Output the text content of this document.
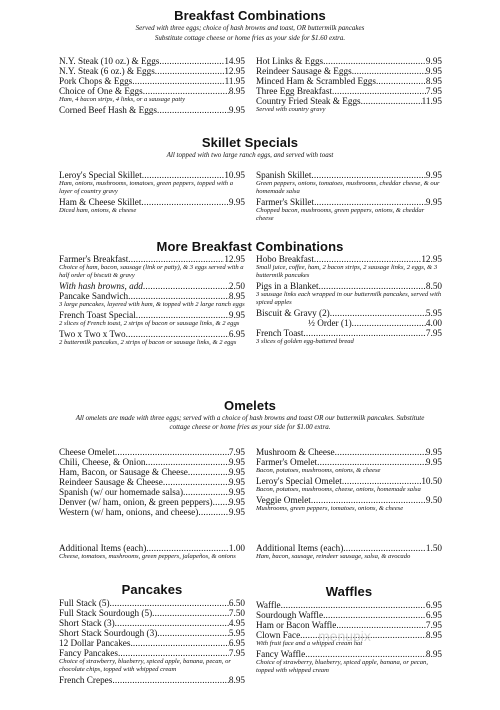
Breakfast Combinations
Served with three eggs; choice of hash browns and toast, OR buttermilk pancakes
Substitute cottage cheese or home fries as your side for $1.60 extra.
N.Y. Steak (10 oz.) & Eggs .....	14.95
N.Y. Steak (6 oz.) & Eggs .....	12.95
Pork Chops & Eggs .....	11.95
Choice of One & Eggs .....	8.95
Ham, 4 bacon strips, 4 links, or a sausage patty
Corned Beef Hash & Eggs .....	9.95
Hot Links & Eggs .....	9.95
Reindeer Sausage & Eggs .....	9.95
Minced Ham & Scrambled Eggs .....	8.95
Three Egg Breakfast .....	7.95
Country Fried Steak & Eggs .....	11.95
Served with country gravy
Skillet Specials
All topped with two large ranch eggs, and served with toast
Leroy's Special Skillet .....	10.95
Ham, onions, mushrooms, tomatoes, green peppers, topped with a layer of country gravy
Ham & Cheese Skillet .....	9.95
Diced ham, onions, & cheese
Spanish Skillet .....	9.95
Green peppers, onions, tomatoes, mushrooms, cheddar cheese, & our homemade salsa
Farmer's Skillet .....	9.95
Chopped bacon, mushrooms, green peppers, onions, & cheddar cheese
More Breakfast Combinations
Farmer's Breakfast .....	12.95
Choice of ham, bacon, sausage (link or patty), & 3 eggs served with a half order of biscuit & gravy
With hash browns, add .....	2.50
Pancake Sandwich .....	8.95
3 large pancakes, layered with ham, & topped with 2 large ranch eggs
French Toast Special .....	9.95
2 slices of French toast, 2 strips of bacon or sausage links, & 2 eggs
Two x Two x Two .....	6.95
2 buttermilk pancakes, 2 strips of bacon or sausage links, & 2 eggs
Hobo Breakfast .....	12.95
Small juice, coffee, ham, 2 bacon strips, 2 sausage links, 2 eggs, & 3 buttermilk pancakes
Pigs in a Blanket .....	8.50
3 sausage links each wrapped in our buttermilk pancakes, served with spiced apples
Biscuit & Gravy (2) .....	5.95
½ Order (1) .....	4.00
French Toast .....	7.95
3 slices of golden egg-battered bread
Omelets
All omelets are made with three eggs; served with a choice of hash browns and toast OR our buttermilk pancakes. Substitute cottage cheese or home fries as your side for $1.00 extra.
Cheese Omelet .....	7.95
Chili, Cheese, & Onion .....	9.95
Ham, Bacon, or Sausage & Cheese .....	9.95
Reindeer Sausage & Cheese .....	9.95
Spanish (w/ our homemade salsa) .....	9.95
Denver (w/ ham, onion, & green peppers) ..... 9.95
Western (w/ ham, onions, and cheese) .....	9.95
Mushroom & Cheese .....	9.95
Farmer's Omelet .....	9.95
Bacon, potatoes, mushrooms, onions, & cheese
Leroy's Special Omelet .....	10.50
Bacon, potatoes, mushrooms, cheese, onions, homemade salsa
Veggie Omelet .....	9.50
Mushrooms, green peppers, tomatoes, onions, & cheese
Additional Items (each) .....	1.00
Cheese, tomatoes, mushrooms, green peppers, jalapeños, & onions
Additional Items (each) .....	1.50
Ham, bacon, sausage, reindeer sausage, salsa, & avocado
Pancakes
Full Stack (5) .....	6.50
Full Stack Sourdough (5) .....	7.50
Short Stack (3) .....	4.95
Short Stack Sourdough (3) .....	5.95
12 Dollar Pancakes .....	6.95
Fancy Pancakes .....	7.95
Choice of strawberry, blueberry, spiced apple, banana, pecan, or chocolate chips, topped with whipped cream
French Crepes .....	8.95
Waffles
Waffle .....	6.95
Sourdough Waffle .....	6.95
Ham or Bacon Waffle .....	7.95
Clown Face .....	8.95
With fruit face and a whipped cream hat
Fancy Waffle .....	8.95
Choice of strawberry, blueberry, spiced apple, banana, or pecan, topped with whipped cream
menupix
